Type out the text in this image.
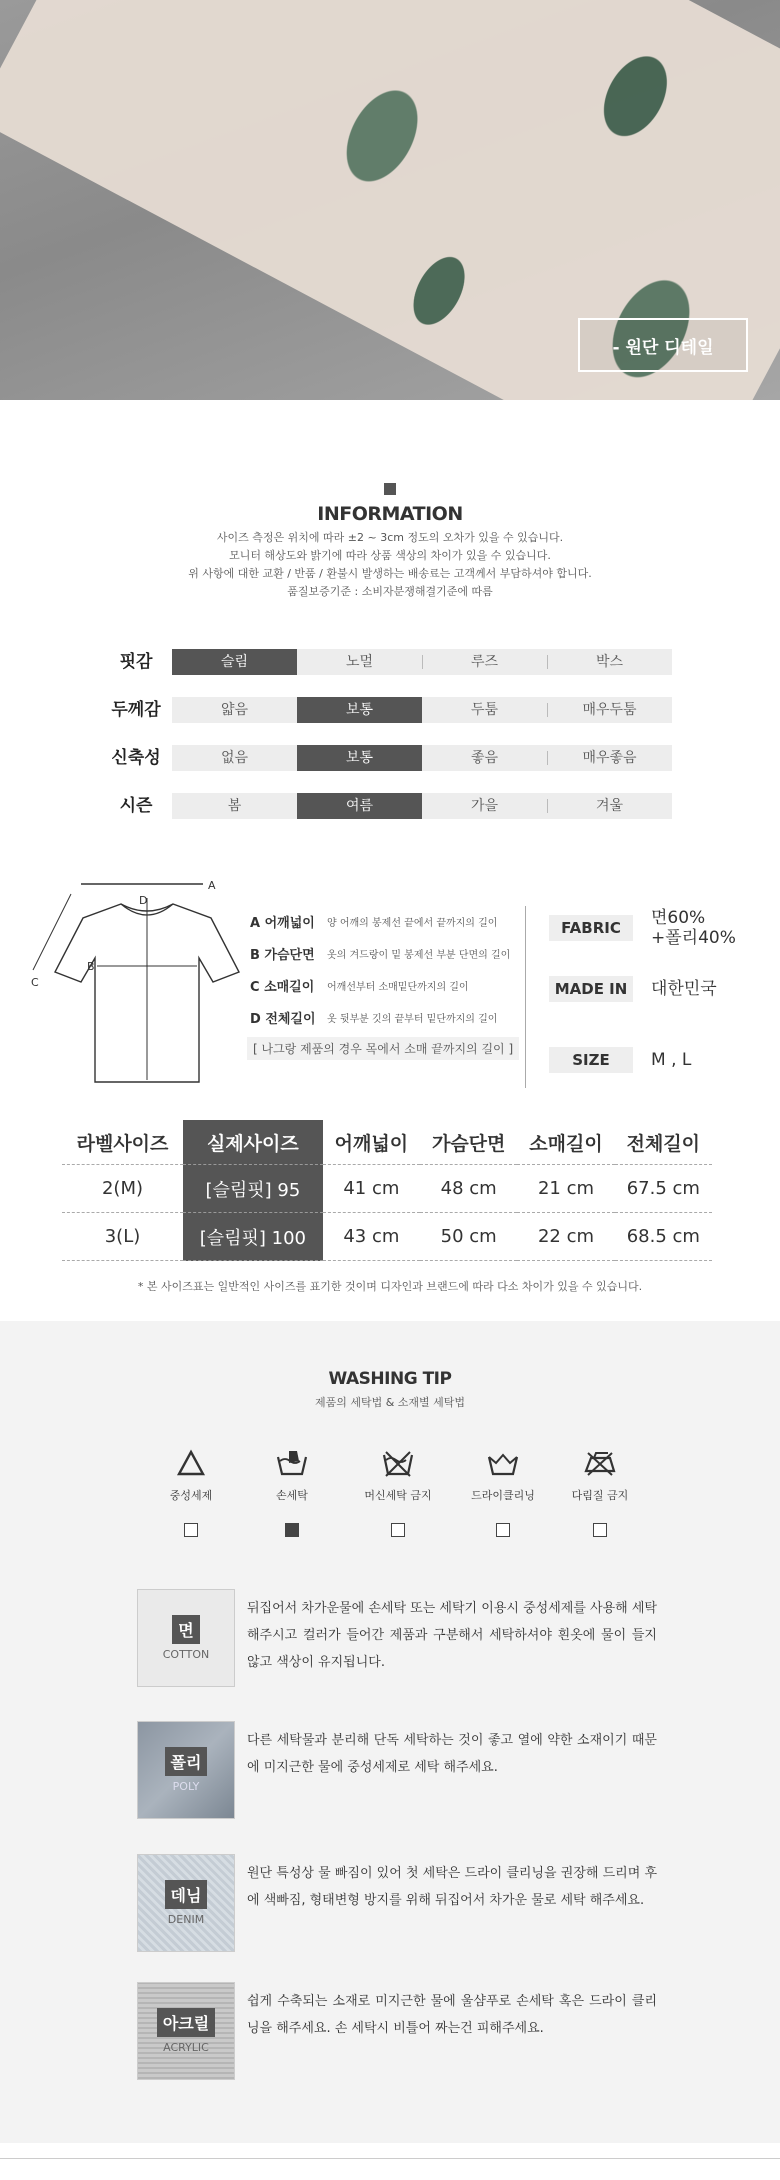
- 원단 디테일
INFORMATION

사이즈 측정은 위치에 따라 ±2 ~ 3cm 정도의 오차가 있을 수 있습니다.
모니터 해상도와 밝기에 따라 상품 색상의 차이가 있을 수 있습니다.
위 사항에 대한 교환 / 반품 / 환불시 발생하는 배송료는 고객께서 부담하셔야 합니다.
품질보증기준 : 소비자분쟁해결기준에 따름

핏감	슬림	노멀	루즈	박스
두께감	얇음	보통	두툼	매우두툼
신축성	없음	보통	좋음	매우좋음
시즌	봄	여름	가을	겨울
A
D
C
B
A 어깨넓이	양 어깨의 봉제선 끝에서 끝까지의 길이
B 가슴단면	옷의 겨드랑이 밑 봉제선 부분 단면의 길이
C 소매길이	어깨선부터 소매밑단까지의 길이
D 전체길이	옷 뒷부분 깃의 끝부터 밑단까지의 길이
[ 나그랑 제품의 경우 목에서 소매 끝까지의 길이 ]
FABRIC	면60%
+폴리40%
MADE IN	대한민국
SIZE	M , L
라벨사이즈	실제사이즈	어깨넓이	가슴단면	소매길이	전체길이
2(M)	[슬림핏] 95	41 cm	48 cm	21 cm	67.5 cm
3(L)	[슬림핏] 100	43 cm	50 cm	22 cm	68.5 cm
* 본 사이즈표는 일반적인 사이즈를 표기한 것이며 디자인과 브랜드에 따라 다소 차이가 있을 수 있습니다.
WASHING TIP
제품의 세탁법 & 소재별 세탁법
중성세제	손세탁	머신세탁 금지	드라이클리닝	다림질 금지
면
COTTON
뒤집어서 차가운물에 손세탁 또는 세탁기 이용시 중성세제를 사용해 세탁해주시고 컬러가 들어간 제품과 구분해서 세탁하셔야 흰옷에 물이 들지 않고 색상이 유지됩니다.
폴리
POLY
다른 세탁물과 분리해 단독 세탁하는 것이 좋고 열에 약한 소재이기 때문에 미지근한 물에 중성세제로 세탁 해주세요.
데님
DENIM
원단 특성상 물 빠짐이 있어 첫 세탁은 드라이 클리닝을 권장해 드리며 후에 색빠짐, 형태변형 방지를 위해 뒤집어서 차가운 물로 세탁 해주세요.
아크릴
ACRYLIC
쉽게 수축되는 소재로 미지근한 물에 울샴푸로 손세탁 혹은 드라이 클리닝을 해주세요. 손 세탁시 비틀어 짜는건 피해주세요.
